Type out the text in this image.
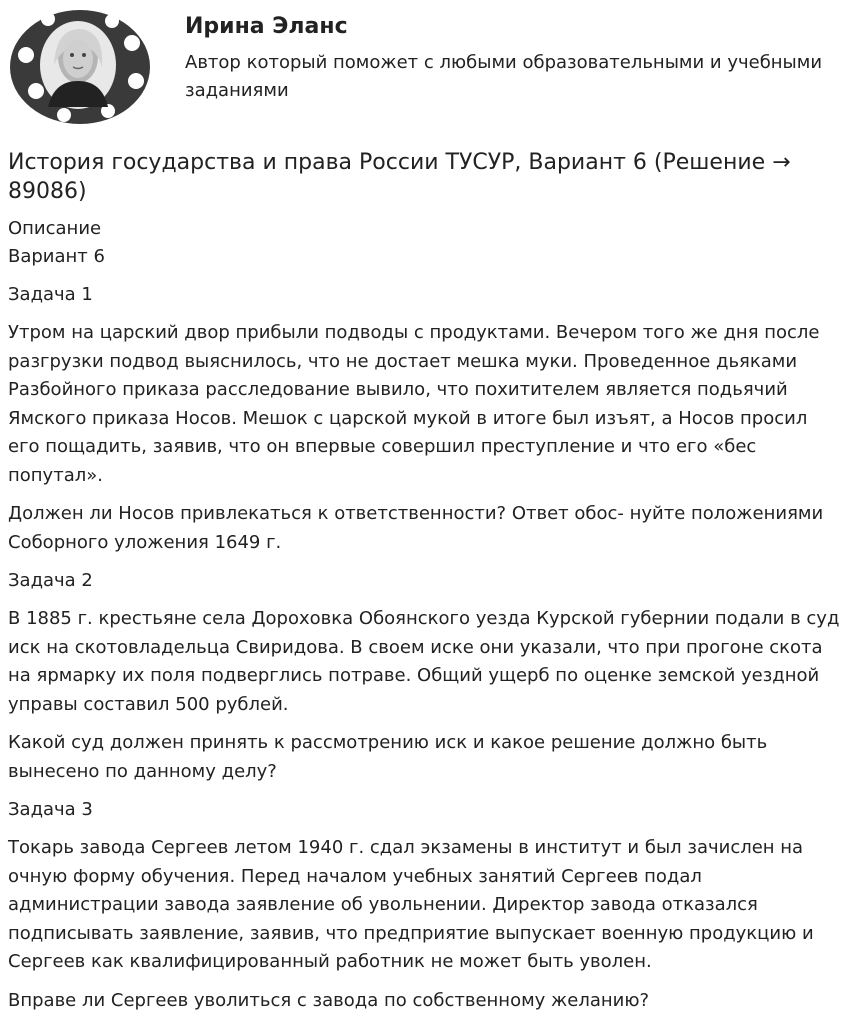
Ирина Эланс
Автор который поможет с любыми образовательными и учебными заданиями
История государства и права России ТУСУР, Вариант 6 (Решение → 89086)
Описание
Вариант 6
Задача 1

Утром на царский двор прибыли подводы с продуктами. Вечером того же дня после разгрузки подвод выяснилось, что не достает мешка муки. Проведенное дьяками Разбойного приказа расследование вывило, что похитителем является подьячий Ямского приказа Носов. Мешок с царской мукой в итоге был изъят, а Носов просил его пощадить, заявив, что он впервые совершил преступление и что его «бес попутал».

Должен ли Носов привлекаться к ответственности? Ответ обос- нуйте положениями Соборного уложения 1649 г.

Задача 2

В 1885 г. крестьяне села Дороховка Обоянского уезда Курской губернии подали в суд иск на скотовладельца Свиридова. В своем иске они указали, что при прогоне скота на ярмарку их поля подверглись потраве. Общий ущерб по оценке земской уездной управы составил 500 рублей.

Какой суд должен принять к рассмотрению иск и какое решение должно быть вынесено по данному делу?

Задача 3

Токарь завода Сергеев летом 1940 г. сдал экзамены в институт и был зачислен на очную форму обучения. Перед началом учебных занятий Сергеев подал администрации завода заявление об увольнении. Директор завода отказался подписывать заявление, заявив, что предприятие выпускает военную продукцию и Сергеев как квалифицированный работник не может быть уволен.

Вправе ли Сергеев уволиться с завода по собственному желанию?
